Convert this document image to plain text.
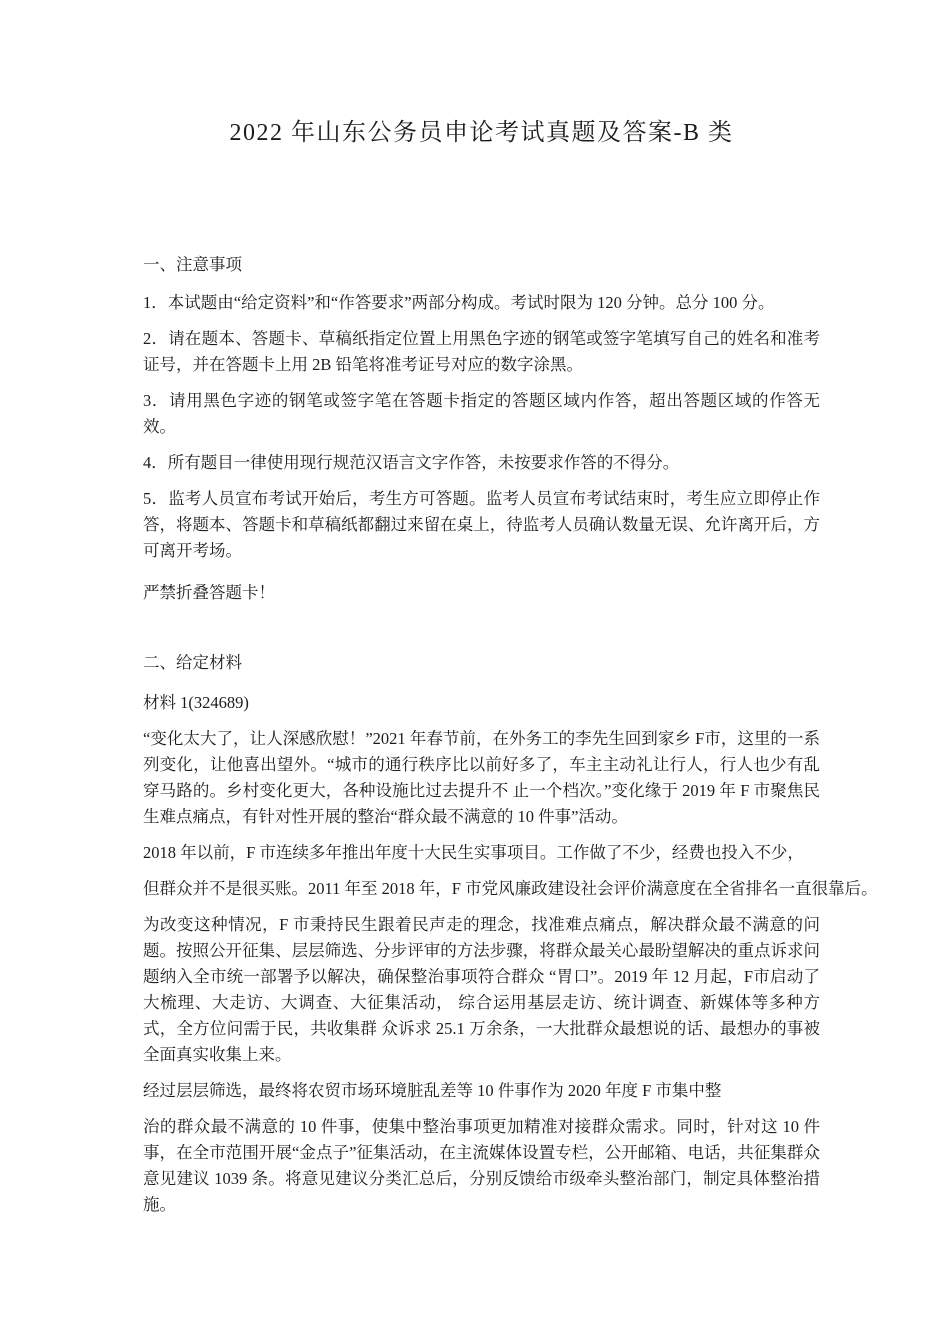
2022 年山东公务员申论考试真题及答案-B 类
一、注意事项

1．本试题由“给定资料”和“作答要求”两部分构成。考试时限为 120 分钟。总分 100 分。

2．请在题本、答题卡、草稿纸指定位置上用黑色字迹的钢笔或签字笔填写自己的姓名和准考证号，并在答题卡上用 2B 铅笔将准考证号对应的数字涂黑。

3．请用黑色字迹的钢笔或签字笔在答题卡指定的答题区域内作答，超出答题区域的作答无效。

4．所有题目一律使用现行规范汉语言文字作答，未按要求作答的不得分。

5．监考人员宣布考试开始后，考生方可答题。监考人员宣布考试结束时，考生应立即停止作答，将题本、答题卡和草稿纸都翻过来留在桌上，待监考人员确认数量无误、允许离开后，方可离开考场。

严禁折叠答题卡！

二、给定材料

材料 1(324689)

“变化太大了，让人深感欣慰！”2021 年春节前，在外务工的李先生回到家乡 F市，这里的一系列变化，让他喜出望外。“城市的通行秩序比以前好多了，车主主动礼让行人，行人也少有乱穿马路的。乡村变化更大，各种设施比过去提升不 止一个档次。”变化缘于 2019 年 F 市聚焦民生难点痛点，有针对性开展的整治“群众最不满意的 10 件事”活动。

2018 年以前，F 市连续多年推出年度十大民生实事项目。工作做了不少，经费也投入不少，

但群众并不是很买账。2011 年至 2018 年，F 市党风廉政建设社会评价满意度在全省排名一直很靠后。

为改变这种情况，F 市秉持民生跟着民声走的理念，找准难点痛点，解决群众最不满意的问题。按照公开征集、层层筛选、分步评审的方法步骤，将群众最关心最盼望解决的重点诉求问题纳入全市统一部署予以解决，确保整治事项符合群众 “胃口”。2019 年 12 月起，F市启动了大梳理、大走访、大调查、大征集活动， 综合运用基层走访、统计调查、新媒体等多种方式，全方位问需于民，共收集群 众诉求 25.1 万余条，一大批群众最想说的话、最想办的事被全面真实收集上来。

经过层层筛选，最终将农贸市场环境脏乱差等 10 件事作为 2020 年度 F 市集中整

治的群众最不满意的 10 件事，使集中整治事项更加精准对接群众需求。同时，针对这 10 件事，在全市范围开展“金点子”征集活动，在主流媒体设置专栏，公开邮箱、电话，共征集群众意见建议 1039 条。将意见建议分类汇总后，分别反馈给市级牵头整治部门，制定具体整治措施。
